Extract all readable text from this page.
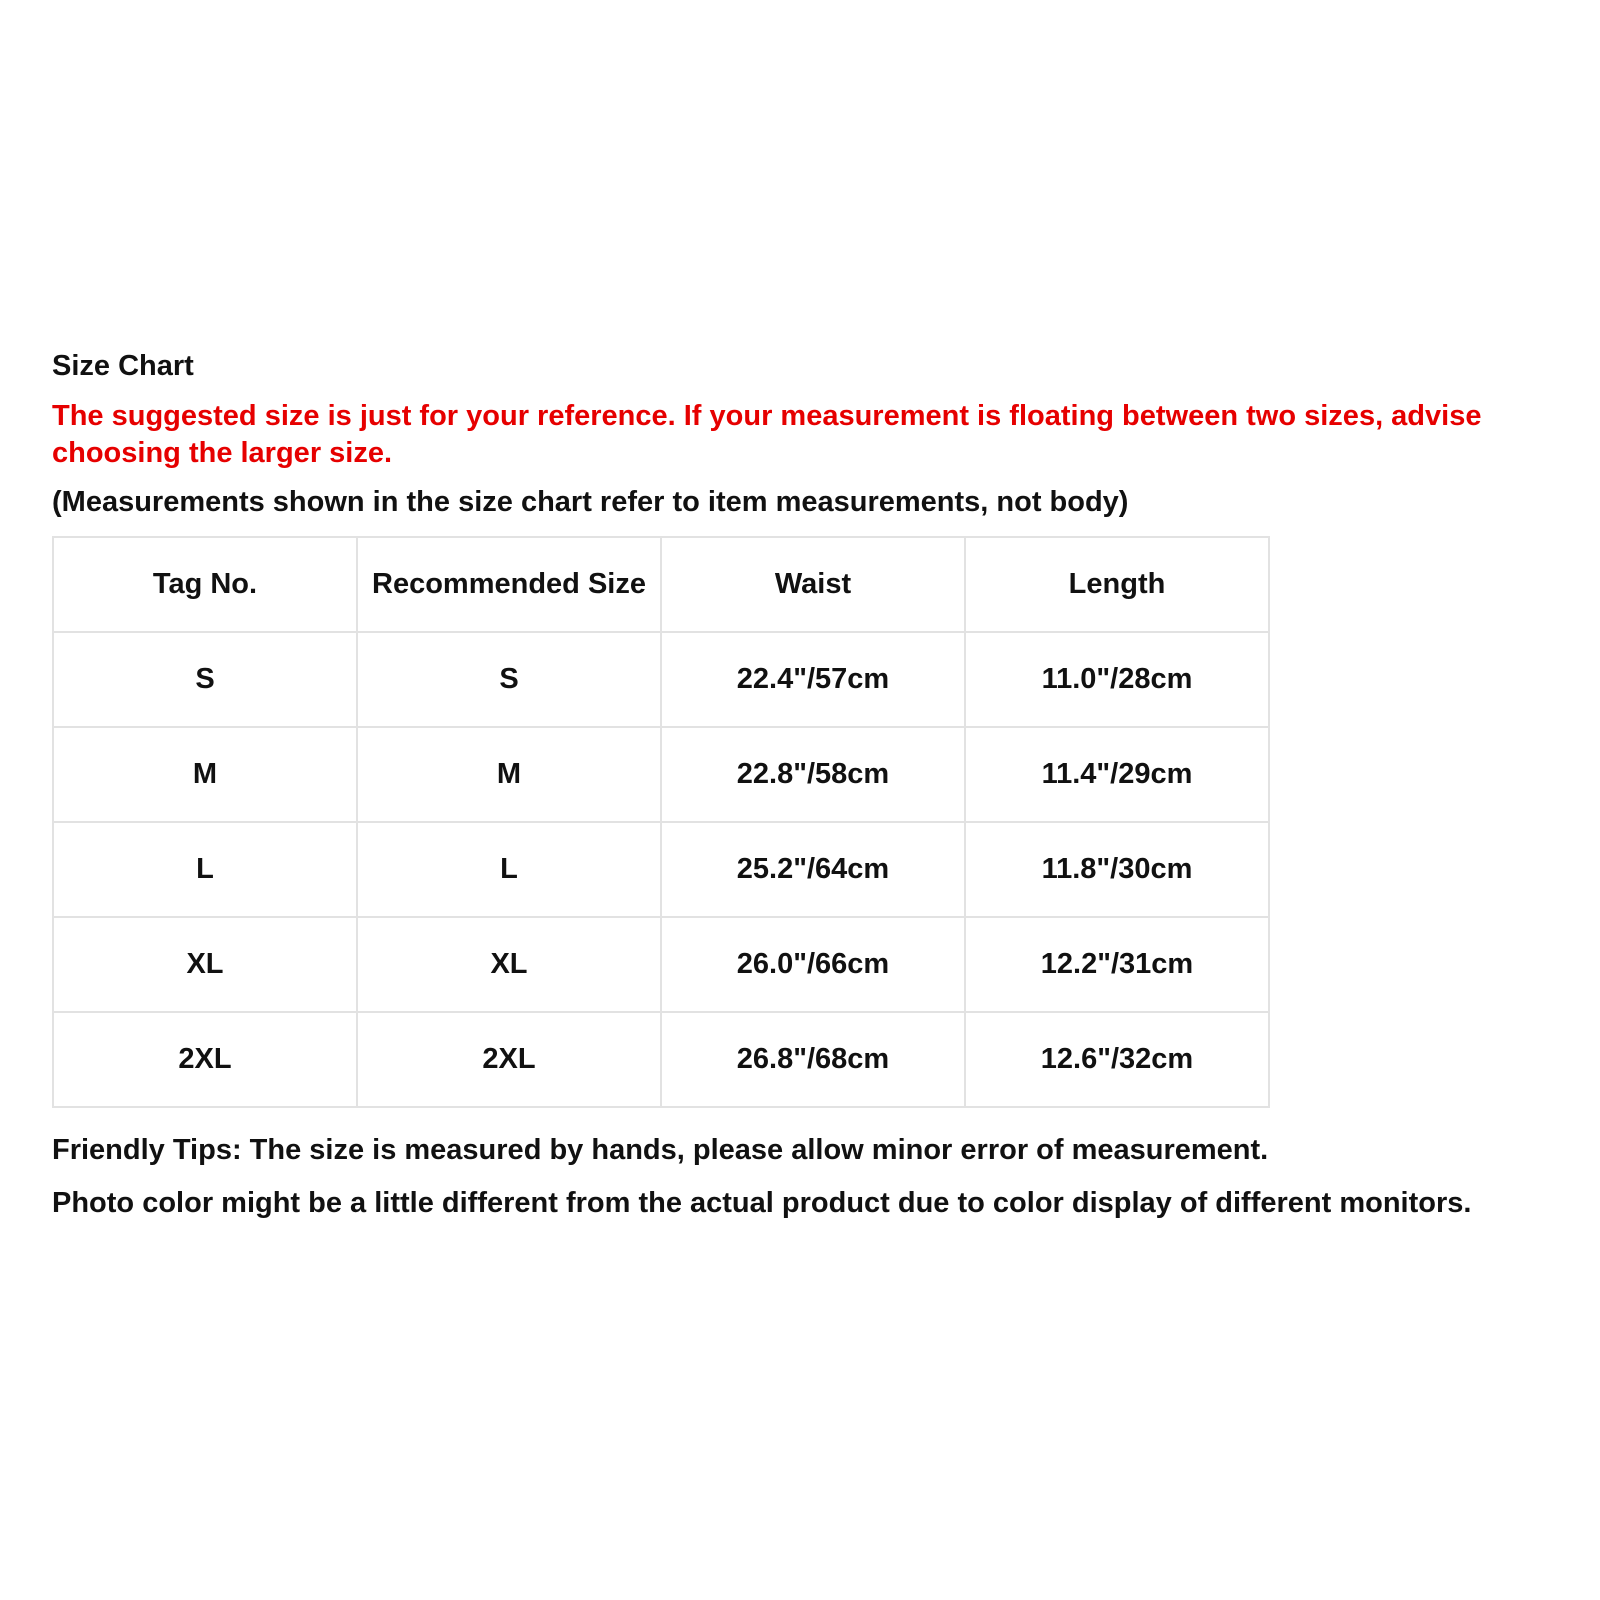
Size Chart
The suggested size is just for your reference. If your measurement is floating between two sizes, advise choosing the larger size.
(Measurements shown in the size chart refer to item measurements, not body)
Tag No.	Recommended Size	Waist	Length
S	S	22.4"/57cm	11.0"/28cm
M	M	22.8"/58cm	11.4"/29cm
L	L	25.2"/64cm	11.8"/30cm
XL	XL	26.0"/66cm	12.2"/31cm
2XL	2XL	26.8"/68cm	12.6"/32cm

Friendly Tips: The size is measured by hands, please allow minor error of measurement.

Photo color might be a little different from the actual product due to color display of different monitors.
